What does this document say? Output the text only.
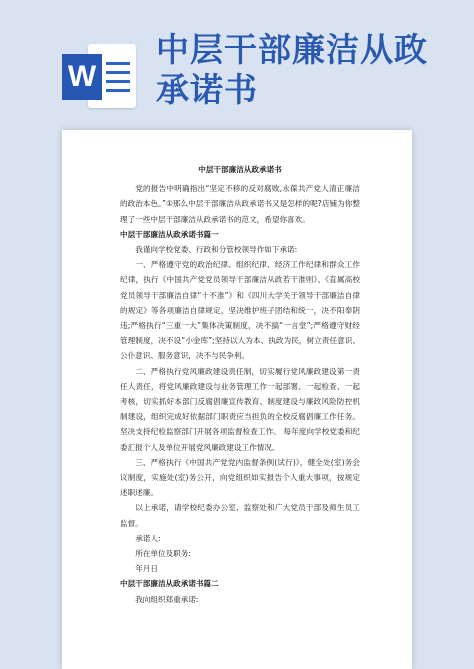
W
中层干部廉洁从政
承诺书
中层干部廉洁从政承诺书

党的报告中明确指出“坚定不移的反对腐败,永葆共产党人清正廉洁的政治本色。”①那么中层干部廉洁从政承诺书又是怎样的呢?店铺为你整理了一些中层干部廉洁从政承诺书的范文，希望你喜欢。

中层干部廉洁从政承诺书篇一

我谨向学校党委、行政和分管校领导作如下承诺:

一、严格遵守党的政治纪律、组织纪律、经济工作纪律和群众工作纪律，执行《中国共产党党员领导干部廉洁从政若干准则》、《直属高校党员领导干部廉洁自律“十不准”》和《四川大学关于领导干部廉洁自律的规定》等各项廉洁自律规定，坚决维护班子团结和统一，决不阳奉阴违;严格执行“三重一大”集体决策制度，决不搞“一言堂”;严格遵守财经管理制度，决不设“小金库”;坚持以人为本、执政为民，树立责任意识、公仆意识、服务意识，决不与民争利。

二、严格执行党风廉政建设责任制，切实履行党风廉政建设第一责任人责任，将党风廉政建设与业务管理工作一起部署、一起检查、一起考核，切实抓好本部门反腐倡廉宣传教育、制度建设与廉政风险防控机制建设，组织完成好依据部门职责应当担负的全校反腐倡廉工作任务。坚决支持纪检监察部门开展各项监督检查工作。 每年度向学校党委和纪委汇报个人及单位开展党风廉政建设工作情况。

三、严格执行《中国共产党党内监督条例(试行)》，健全处(室)务会议制度，实施处(室)务公开，向党组织如实报告个人重大事项，按规定述职述廉。

以上承诺，请学校纪委办公室、监察处和广大党员干部及师生员工监督。

承诺人:

所在单位及职务:

年月日

中层干部廉洁从政承诺书篇二

我向组织郑重承诺:
